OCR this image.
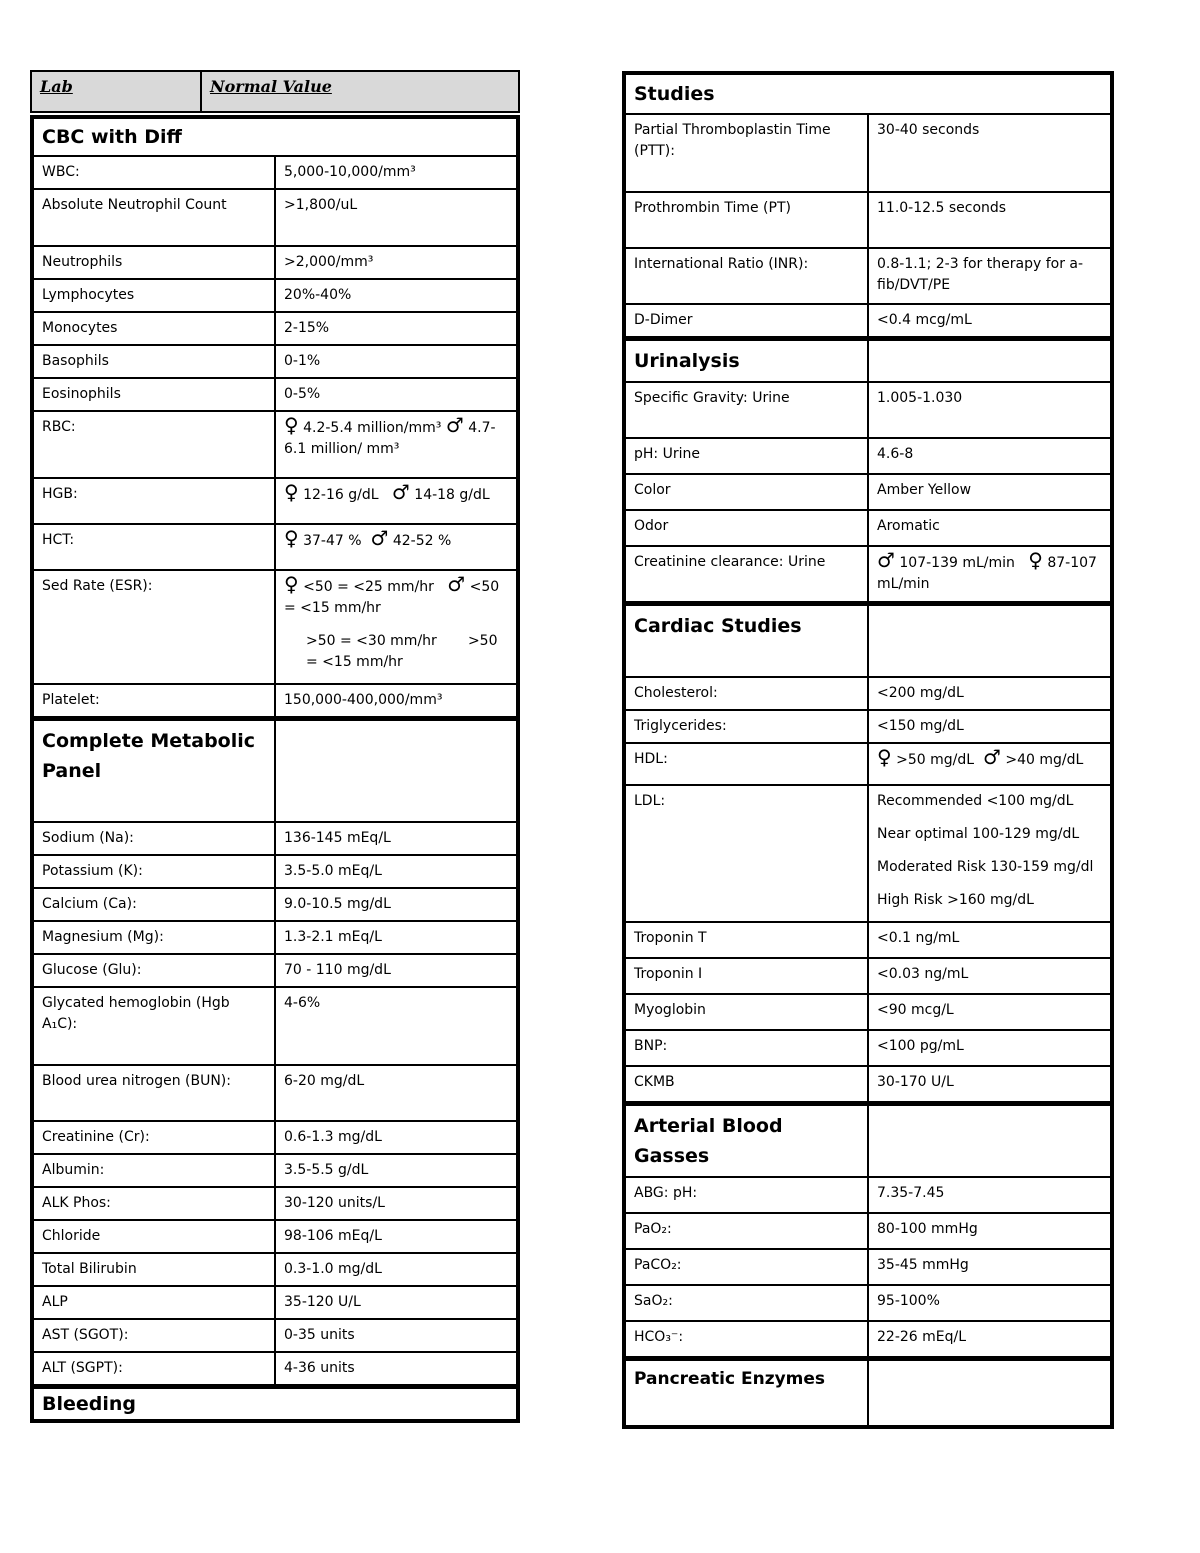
Lab	Normal Value
CBC with Diff	
WBC:	5,000-10,000/mm³
Absolute Neutrophil Count	>1,800/uL
Neutrophils	>2,000/mm³
Lymphocytes	20%-40%
Monocytes	2-15%
Basophils	0-1%
Eosinophils	0-5%
RBC:	♀ 4.2-5.4 million/mm³ ♂ 4.7-6.1 million/ mm³
HGB:	♀ 12-16 g/dL ♂ 14-18 g/dL
HCT:	♀ 37-47 % ♂ 42-52 %
Sed Rate (ESR):	♀ <50 = <25 mm/hr ♂ <50 = <15 mm/hr
>50 = <30 mm/hr >50 = <15 mm/hr

Platelet:	150,000-400,000/mm³
Complete Metabolic Panel	
Sodium (Na):	136-145 mEq/L
Potassium (K):	3.5-5.0 mEq/L
Calcium (Ca):	9.0-10.5 mg/dL
Magnesium (Mg):	1.3-2.1 mEq/L
Glucose (Glu):	70 - 110 mg/dL
Glycated hemoglobin (Hgb A₁C):	4-6%
Blood urea nitrogen (BUN):	6-20 mg/dL
Creatinine (Cr):	0.6-1.3 mg/dL
Albumin:	3.5-5.5 g/dL
ALK Phos:	30-120 units/L
Chloride	98-106 mEq/L
Total Bilirubin	0.3-1.0 mg/dL
ALP	35-120 U/L
AST (SGOT):	0-35 units
ALT (SGPT):	4-36 units
Bleeding	
Studies	
Partial Thromboplastin Time (PTT):	30-40 seconds
Prothrombin Time (PT)	11.0-12.5 seconds
International Ratio (INR):	0.8-1.1; 2-3 for therapy for a-fib/DVT/PE
D-Dimer	<0.4 mcg/mL
Urinalysis	
Specific Gravity: Urine	1.005-1.030
pH: Urine	4.6-8
Color	Amber Yellow
Odor	Aromatic
Creatinine clearance: Urine	♂ 107-139 mL/min ♀ 87-107 mL/min
Cardiac Studies	
Cholesterol:	<200 mg/dL
Triglycerides:	<150 mg/dL
HDL:	♀ >50 mg/dL ♂ >40 mg/dL
LDL:	Recommended <100 mg/dL
Near optimal 100-129 mg/dL
Moderated Risk 130-159 mg/dl
High Risk >160 mg/dL

Troponin T	<0.1 ng/mL
Troponin I	<0.03 ng/mL
Myoglobin	<90 mcg/L
BNP:	<100 pg/mL
CKMB	30-170 U/L
Arterial Blood Gasses	
ABG: pH:	7.35-7.45
PaO₂:	80-100 mmHg
PaCO₂:	35-45 mmHg
SaO₂:	95-100%
HCO₃⁻:	22-26 mEq/L
Pancreatic Enzymes	
